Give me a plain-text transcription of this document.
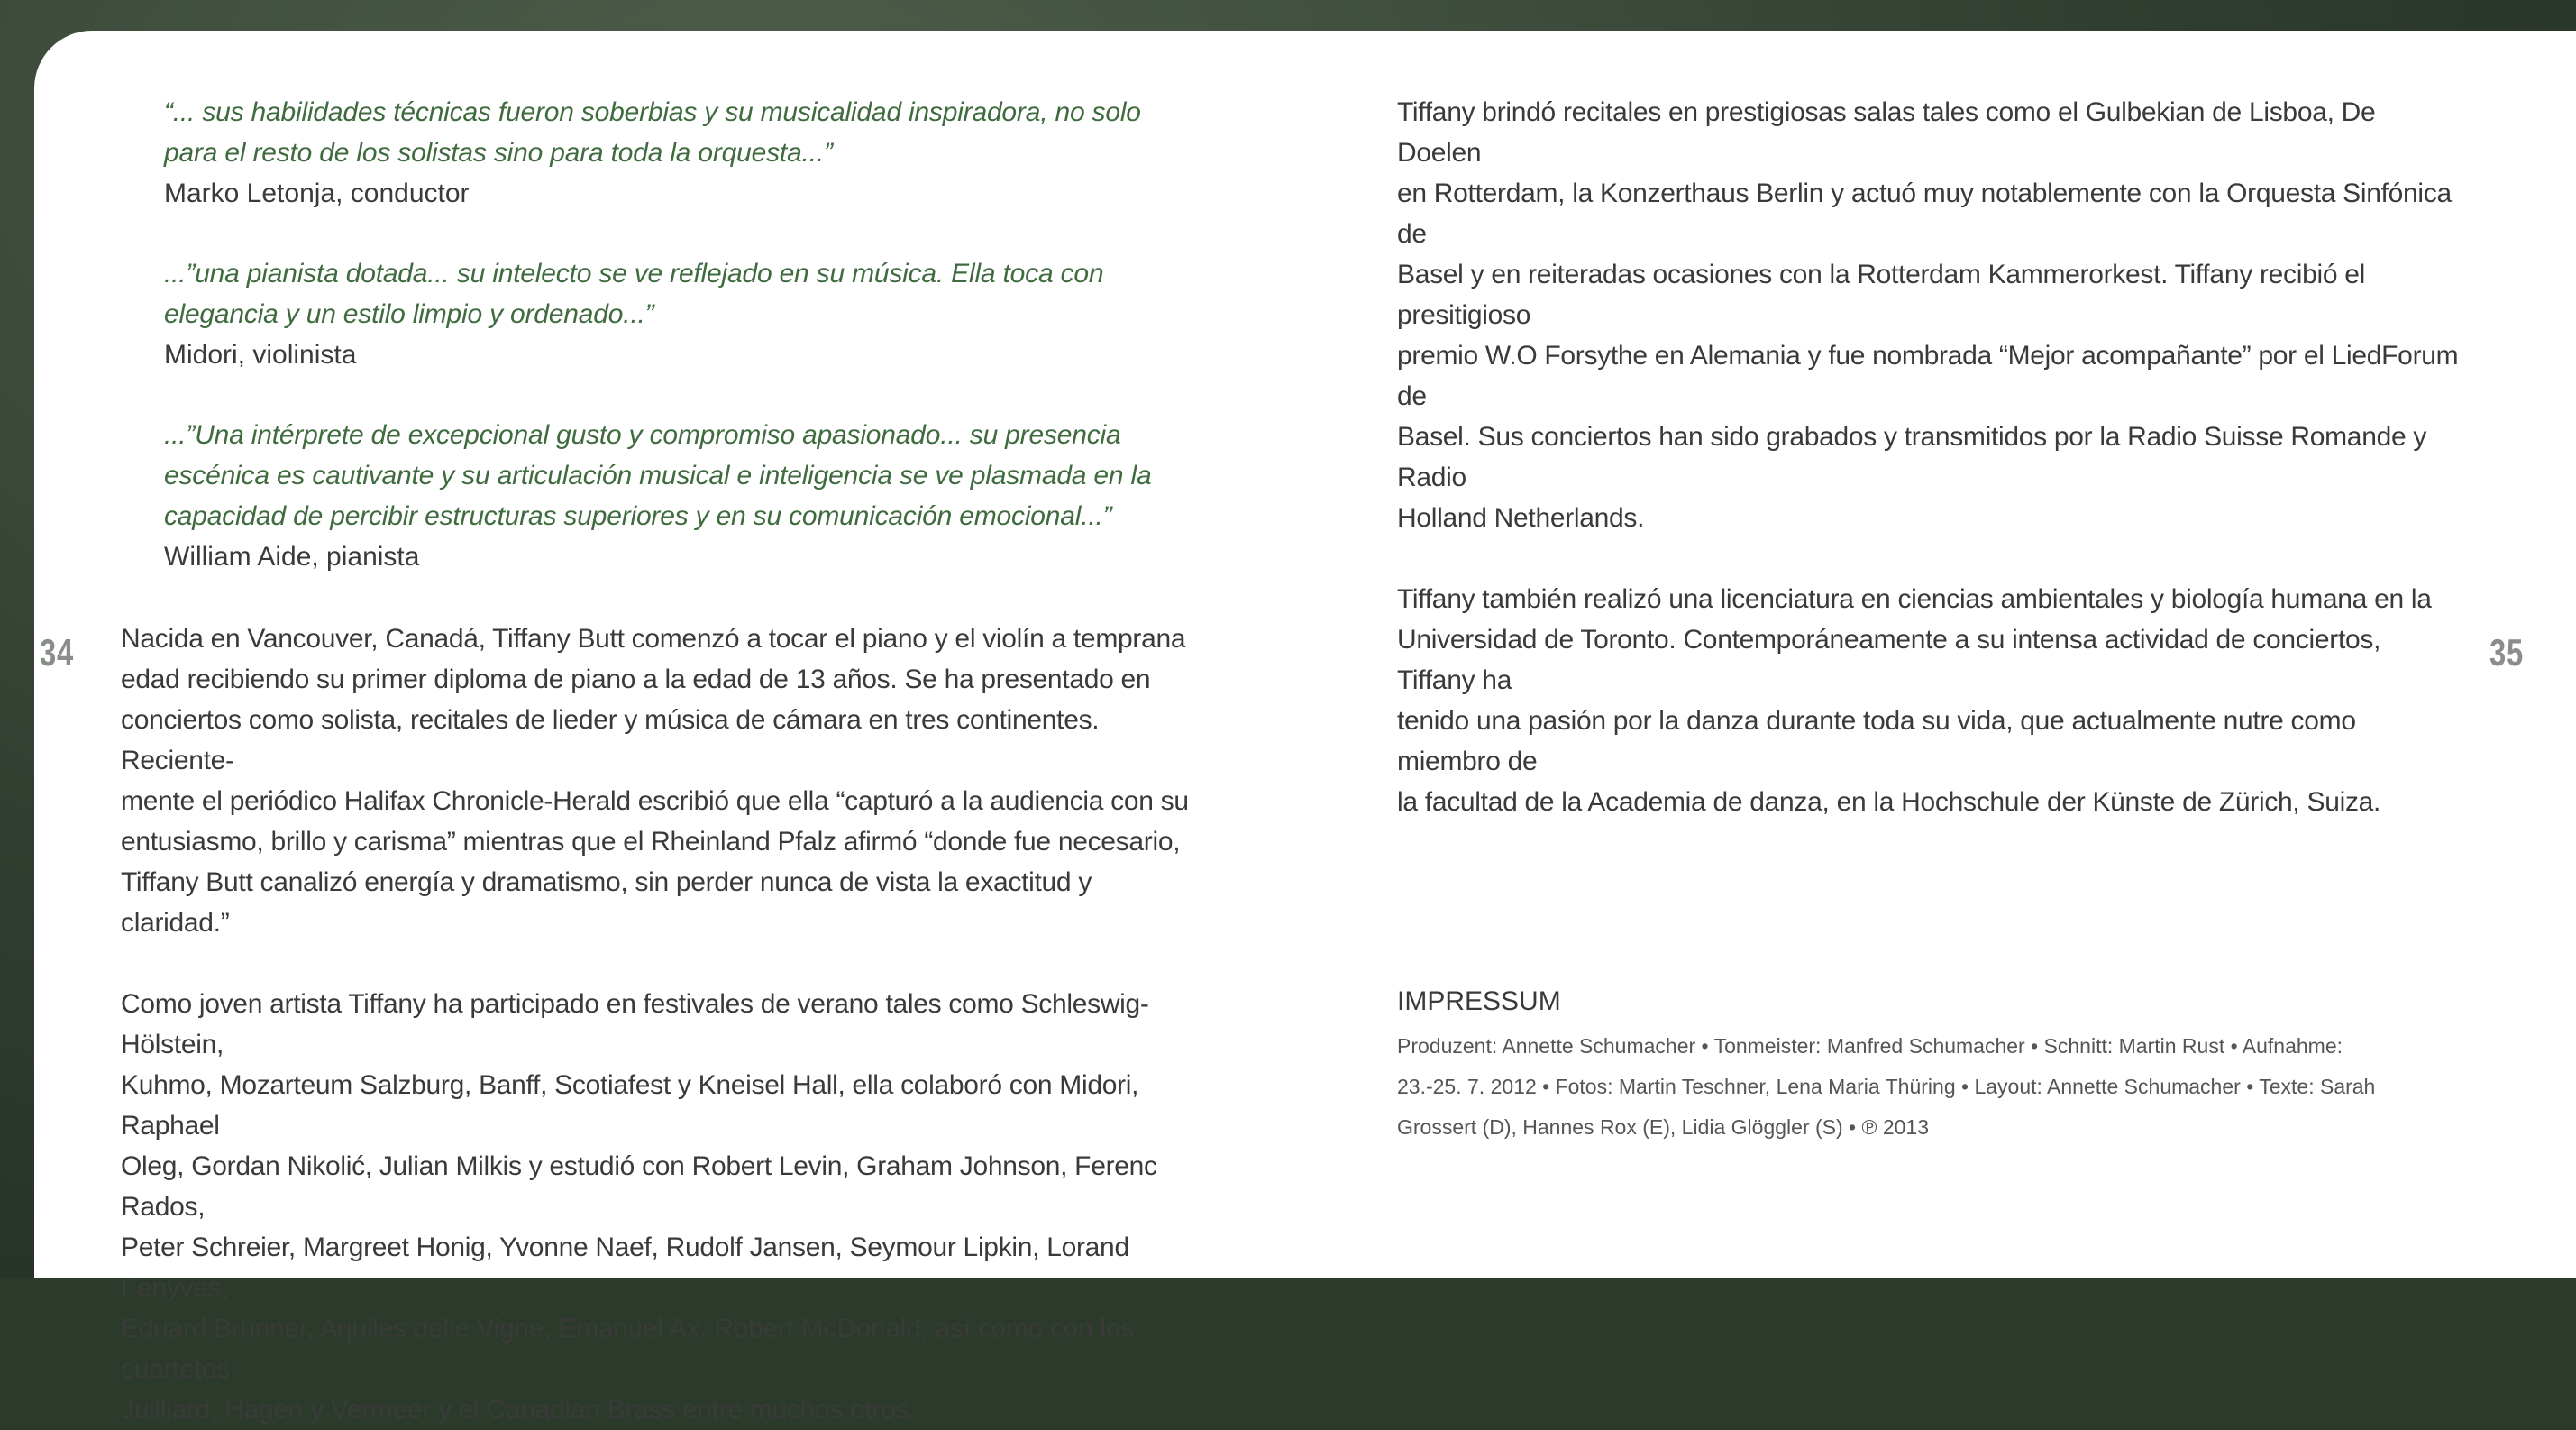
34	35

“... sus habilidades técnicas fueron soberbias y su musicalidad inspiradora, no solo
para el resto de los solistas sino para toda la orquesta...”

Marko Letonja, conductor

...”una pianista dotada... su intelecto se ve reflejado en su música. Ella toca con
elegancia y un estilo limpio y ordenado...”

Midori, violinista

...”Una intérprete de excepcional gusto y compromiso apasionado... su presencia
escénica es cautivante y su articulación musical e inteligencia se ve plasmada en la
capacidad de percibir estructuras superiores y en su comunicación emocional...”

William Aide, pianista

Nacida en Vancouver, Canadá, Tiffany Butt comenzó a tocar el piano y el violín a temprana
edad recibiendo su primer diploma de piano a la edad de 13 años. Se ha presentado en
conciertos como solista, recitales de lieder y música de cámara en tres continentes. Reciente-
mente el periódico Halifax Chronicle-Herald escribió que ella “capturó a la audiencia con su
entusiasmo, brillo y carisma” mientras que el Rheinland Pfalz afirmó “donde fue necesario,
Tiffany Butt canalizó energía y dramatismo, sin perder nunca de vista la exactitud y claridad.”

Como joven artista Tiffany ha participado en festivales de verano tales como Schleswig-Hölstein,
Kuhmo, Mozarteum Salzburg, Banff, Scotiafest y Kneisel Hall, ella colaboró con Midori, Raphael
Oleg, Gordan Nikolić, Julian Milkis y estudió con Robert Levin, Graham Johnson, Ferenc Rados,
Peter Schreier, Margreet Honig, Yvonne Naef, Rudolf Jansen, Seymour Lipkin, Lorand Fenyves,
Eduard Brunner, Aquiles delle Vigne, Emanuel Ax, Robert McDonald, así como con los cuartetos
Juilliard, Hagen y Vermeer y el Canadian Brass entre muchos otros.

Tiffany brindó recitales en prestigiosas salas tales como el Gulbekian de Lisboa, De Doelen
en Rotterdam, la Konzerthaus Berlin y actuó muy notablemente con la Orquesta Sinfónica de
Basel y en reiteradas ocasiones con la Rotterdam Kammerorkest. Tiffany recibió el presitigioso
premio W.O Forsythe en Alemania y fue nombrada “Mejor acompañante” por el LiedForum de
Basel. Sus conciertos han sido grabados y transmitidos por la Radio Suisse Romande y Radio
Holland Netherlands.

Tiffany también realizó una licenciatura en ciencias ambientales y biología humana en la
Universidad de Toronto. Contemporáneamente a su intensa actividad de conciertos, Tiffany ha
tenido una pasión por la danza durante toda su vida, que actualmente nutre como miembro de
la facultad de la Academia de danza, en la Hochschule der Künste de Zürich, Suiza.

IMPRESSUM

Produzent: Annette Schumacher • Tonmeister: Manfred Schumacher • Schnitt: Martin Rust • Aufnahme:
23.-25. 7. 2012 • Fotos: Martin Teschner, Lena Maria Thüring • Layout: Annette Schumacher • Texte: Sarah
Grossert (D), Hannes Rox (E), Lidia Glöggler (S) • ℗ 2013
